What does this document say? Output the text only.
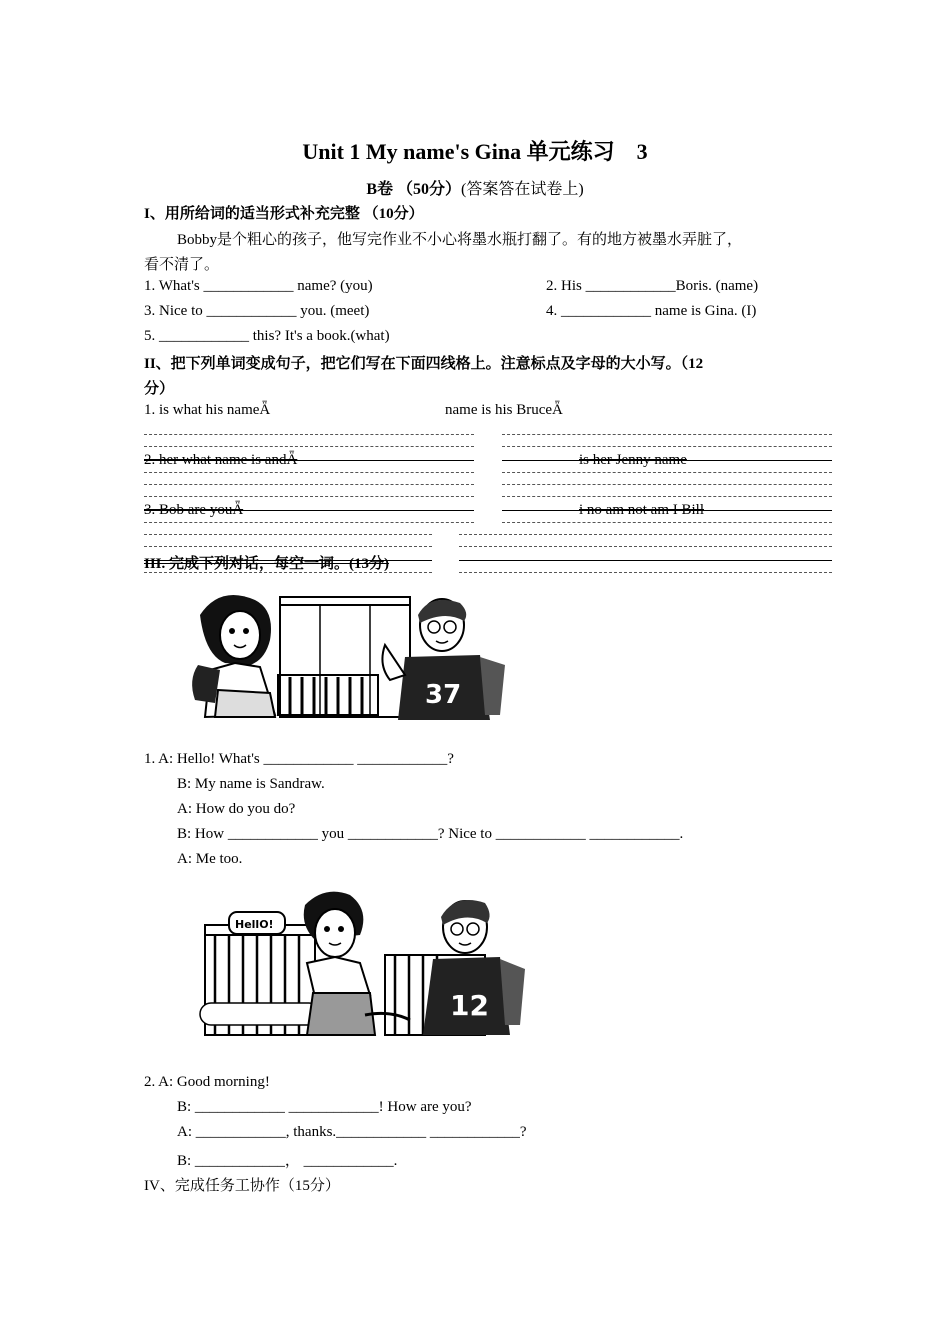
Unit 1 My name's Gina 单元练习　3
B卷 （50分）(答案答在试卷上)
I、用所给词的适当形式补充完整 （10分）
Bobby是个粗心的孩子，他写完作业不小心将墨水瓶打翻了。有的地方被墨水弄脏了，
看不清了。
1. What's ____________ name? (you)	2. His ____________Boris. (name)
3. Nice to ____________ you. (meet)	4. ____________ name is Gina. (I)
5. ____________ this? It's a book.(what)
II、把下列单词变成句子，把它们写在下面四线格上。注意标点及字母的大小写。（12
分）
1. is what his nameǞ	name is his BruceǞ
2. her what name is andǞ	is her Jenny name
3. Bob are youǞ	i no am not am I Bill
III. 完成下列对话，每空一词。(13分)
37
1. A: Hello! What's ____________ ____________?
B: My name is Sandraw.
A: How do you do?
B: How ____________ you ____________? Nice to ____________ ____________.
A: Me too.
HellO!
12
2. A: Good morning!
B: ____________ ____________! How are you?
A: ____________, thanks.____________ ____________?
B: ____________， ____________.
IV、完成任务工协作（15分）
